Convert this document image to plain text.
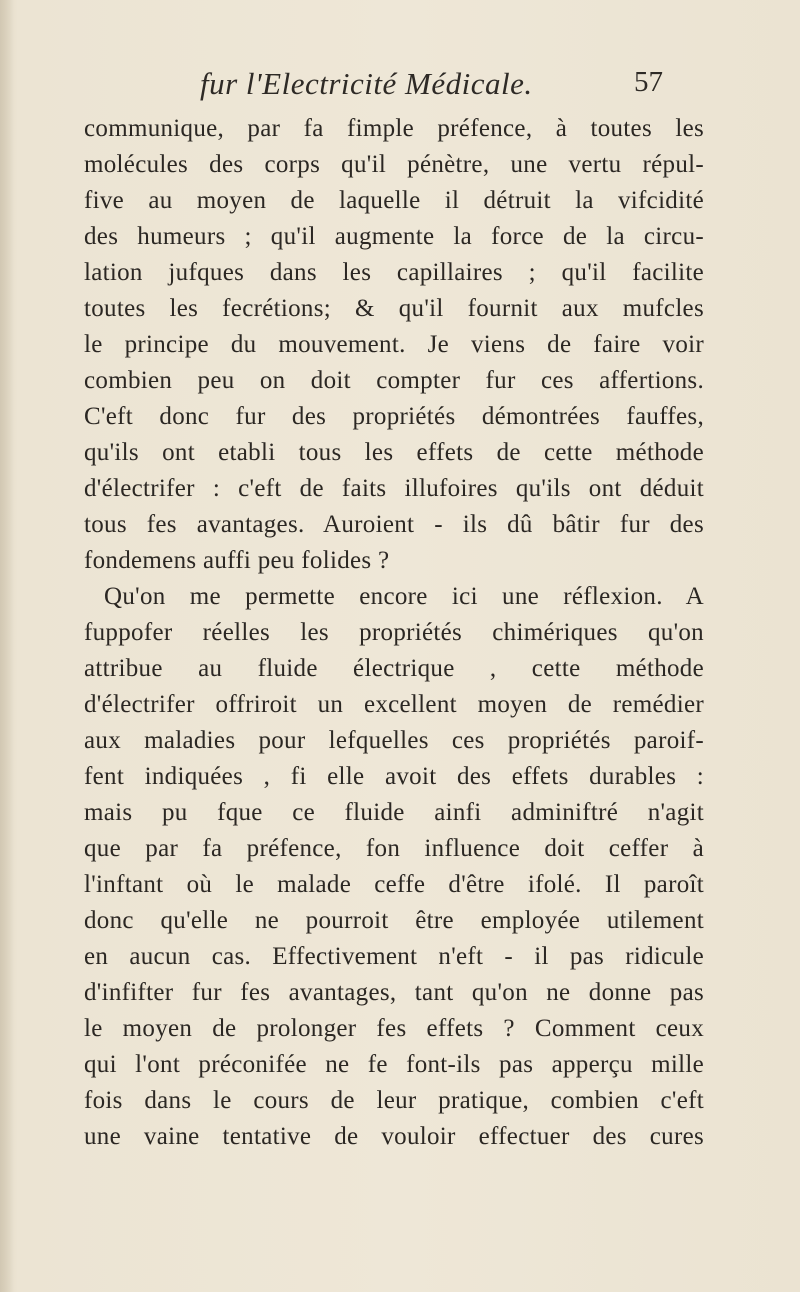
fur l'Electricité Médicale.	57
communique, par fa fimple préfence, à toutes les
molécules des corps qu'il pénètre, une vertu répul-
five au moyen de laquelle il détruit la vifcidité
des humeurs ; qu'il augmente la force de la circu-
lation jufques dans les capillaires ; qu'il facilite
toutes les fecrétions; & qu'il fournit aux mufcles
le principe du mouvement. Je viens de faire voir
combien peu on doit compter fur ces affertions.
C'eft donc fur des propriétés démontrées fauffes,
qu'ils ont etabli tous les effets de cette méthode
d'électrifer : c'eft de faits illufoires qu'ils ont déduit
tous fes avantages. Auroient - ils dû bâtir fur des
fondemens auffi peu folides ?
Qu'on me permette encore ici une réflexion. A
fuppofer réelles les propriétés chimériques qu'on
attribue au fluide électrique , cette méthode
d'électrifer offriroit un excellent moyen de remédier
aux maladies pour lefquelles ces propriétés paroif-
fent indiquées , fi elle avoit des effets durables :
mais pu fque ce fluide ainfi adminiftré n'agit
que par fa préfence, fon influence doit ceffer à
l'inftant où le malade ceffe d'être ifolé. Il paroît
donc qu'elle ne pourroit être employée utilement
en aucun cas. Effectivement n'eft - il pas ridicule
d'infifter fur fes avantages, tant qu'on ne donne pas
le moyen de prolonger fes effets ? Comment ceux
qui l'ont préconifée ne fe font-ils pas apperçu mille
fois dans le cours de leur pratique, combien c'eft
une vaine tentative de vouloir effectuer des cures
